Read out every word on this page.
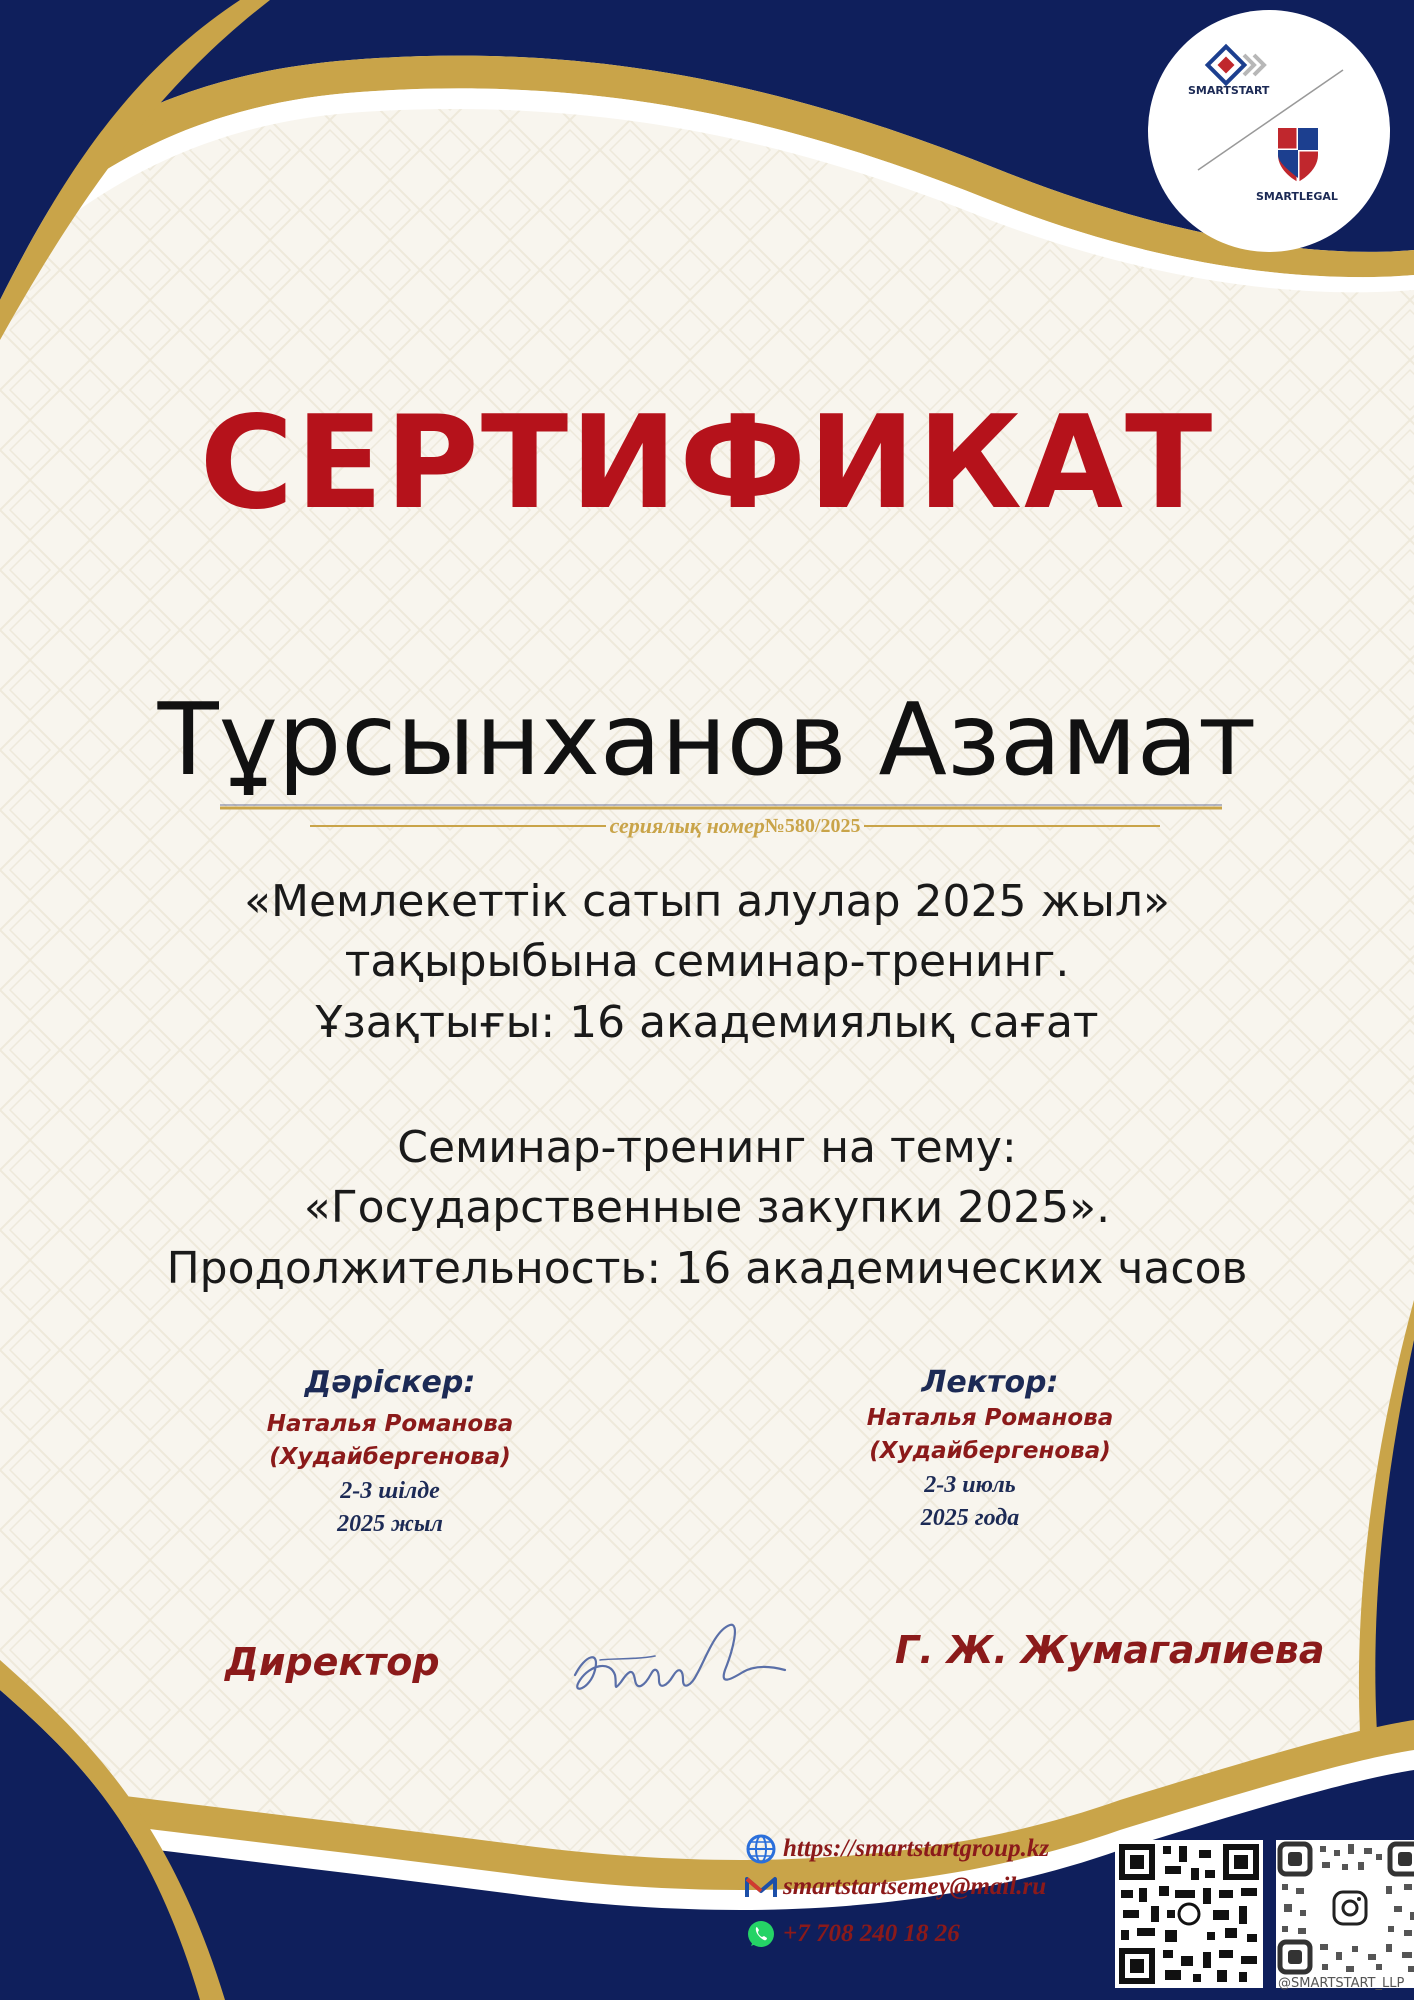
SMARTSTART
SMARTLEGAL
СЕРТИФИКАТ
Тұрсынханов Азамат
сериялық номер №580/2025
«Мемлекеттік сатып алулар 2025 жыл»
тақырыбына семинар-тренинг.
Ұзақтығы: 16 академиялық сағат
Семинар-тренинг на тему:
«Государственные закупки 2025».
Продолжительность: 16 академических часов
Дәріскер:
Наталья Романова
(Худайбергенова)
2-3 шілде
2025 жыл
Лектор:
Наталья Романова
(Худайбергенова)
2-3 июль
2025 года
Директор	Г. Ж. Жумагалиева
https://smartstartgroup.kz
smartstartsemey@mail.ru
+7 708 240 18 26
@SMARTSTART_LLP
